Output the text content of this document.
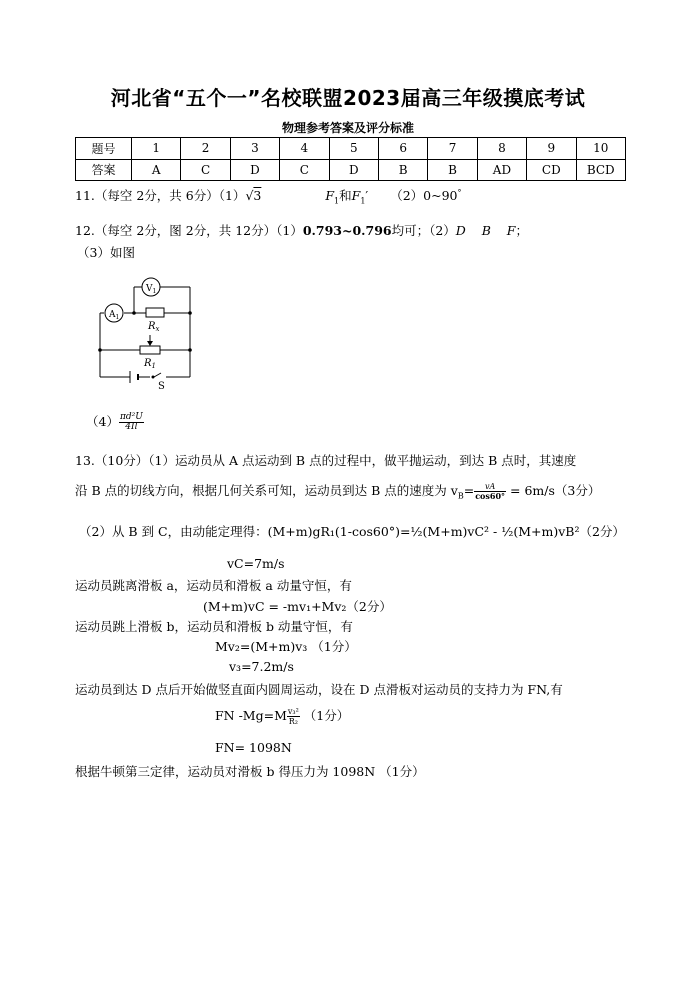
河北省“五个一”名校联盟2023届高三年级摸底考试
物理参考答案及评分标准
题号	1	2	3	4	5	6	7	8	9	10
答案	A	C	D	C	D	B	B	AD	CD	BCD
11.（每空 2分，共 6分）（1）√3	$F_1$和$F_1'$ （2）0~90°
12.（每空 2分，图 2分，共 12分）（1）0.793~0.796均可；（2）D    B    F；
（3）如图
$V_1$
$A_1$
$R_x$
$R_1$
S
$(4) \frac{\text{πd²U}}{4Il}$
13.（10分）（1）运动员从 A 点运动到 B 点的过程中，做平抛运动，到达 B 点时，其速度
沿 B 点的切线方向，根据几何关系可知，运动员到达 B 点的速度为 $v_B= \frac{vA}{\cos 60^\circ} = 6m/s(3$分）
（2）从 B 到 C，由动能定理得：(M+m)gR₁(1-cos60°)=½(M+m)vC² - ½(M+m)vB²（2分）
vC=7m/s
运动员跳离滑板 a，运动员和滑板 a 动量守恒，有
(M+m)vC = -mv₁+Mv₂（2分）
运动员跳上滑板 b，运动员和滑板 b 动量守恒，有
Mv₂=(M+m)v₃ （1分）
v₃=7.2m/s
运动员到达 D 点后开始做竖直面内圆周运动，设在 D 点滑板对运动员的支持力为 FN,有
FN $-Mg=M \frac{\text{v₃²}}{\text{R₂}} (1$分）
FN= 1098N
根据牛顿第三定律，运动员对滑板 b 得压力为 1098N （1分）
